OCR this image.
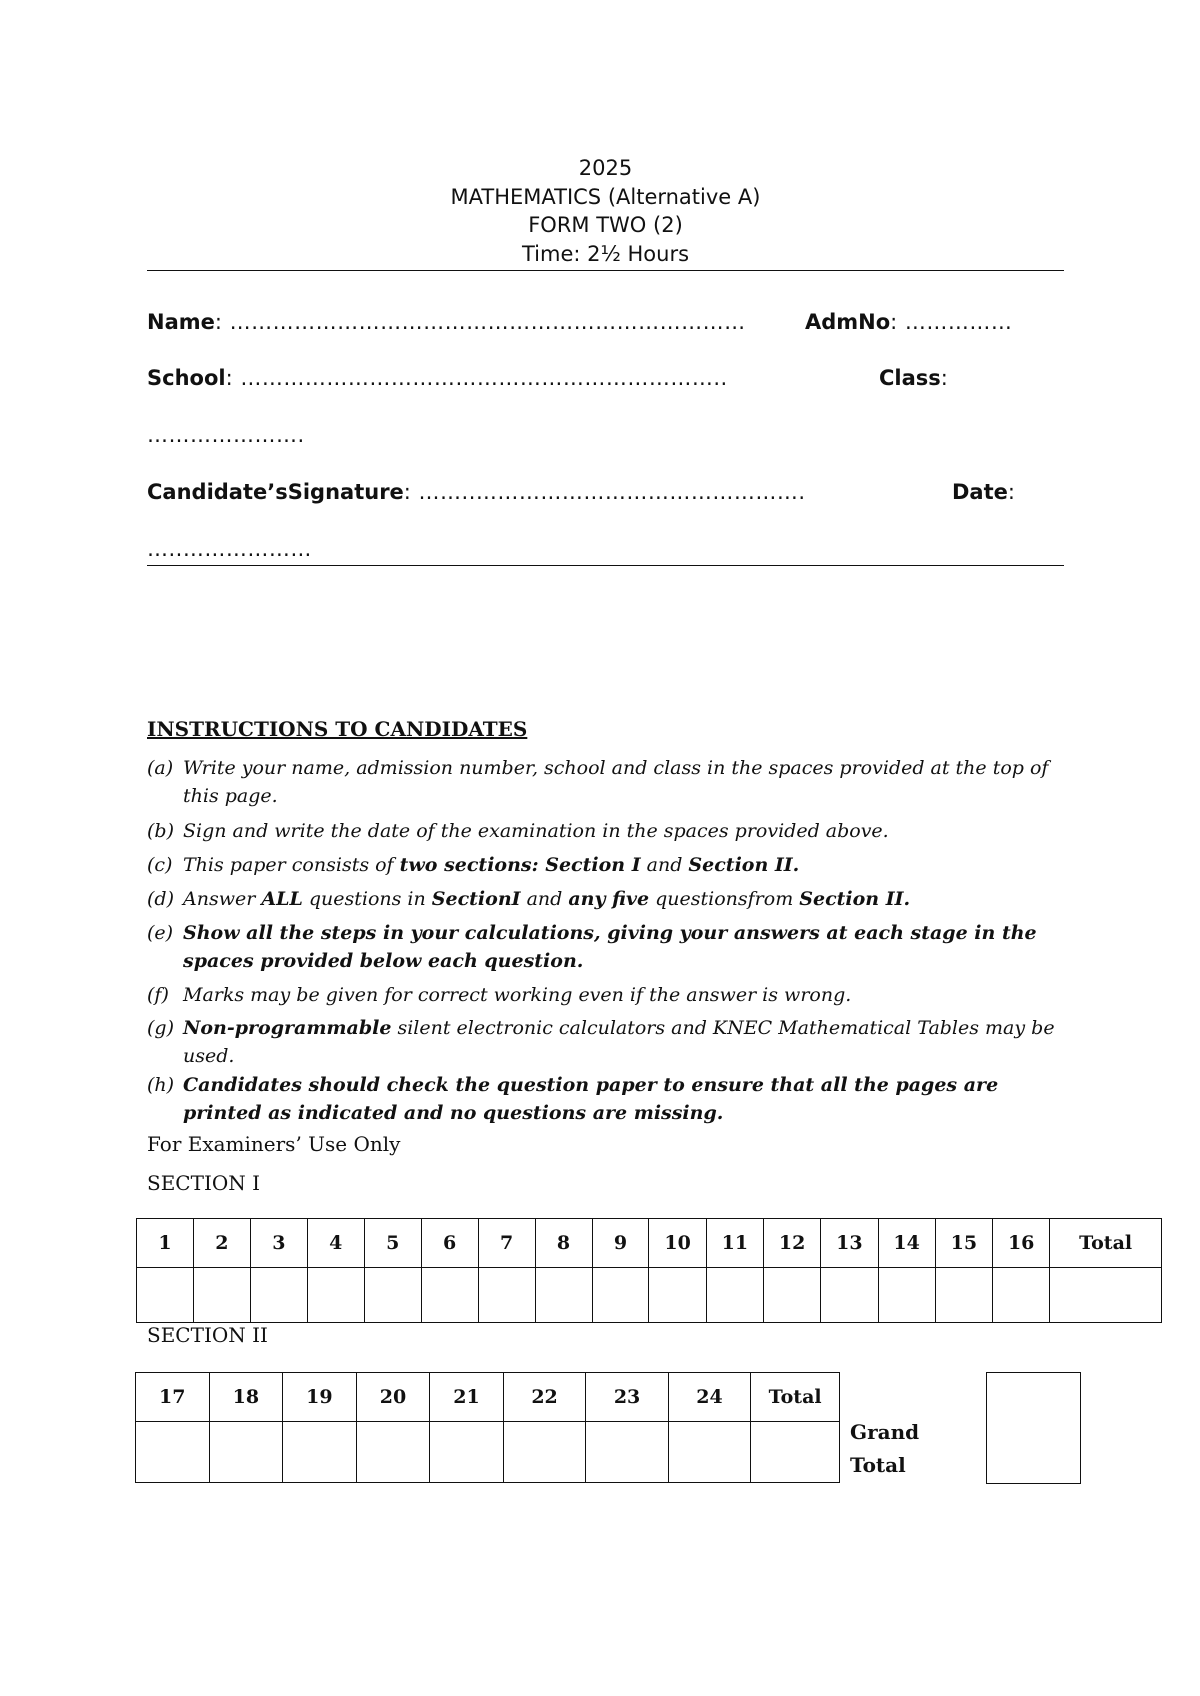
2025
MATHEMATICS (Alternative A)
FORM TWO (2)
Time: 2½ Hours
Name: ………………………………………………………………	AdmNo: ……………
School: …………………………………………………………..	Class:
………………….
Candidate’sSignature: ……..……………………………………….	Date:
…..………………
INSTRUCTIONS TO CANDIDATES
(a) Write your name, admission number, school and class in the spaces provided at the top of this page.
(b) Sign and write the date of the examination in the spaces provided above.
(c) This paper consists of two sections: Section I and Section II.
(d) Answer ALL questions in SectionI and any five questionsfrom Section II.
(e) Show all the steps in your calculations, giving your answers at each stage in the spaces provided below each question.
(f) Marks may be given for correct working even if the answer is wrong.
(g) Non-programmable silent electronic calculators and KNEC Mathematical Tables may be used.
(h) Candidates should check the question paper to ensure that all the pages are printed as indicated and no questions are missing.
For Examiners’ Use Only
SECTION I
1	2	3	4	5	6	7	8	9	10	11	12	13	14	15	16	Total

SECTION II
17	18	19	20	21	22	23	24	Total

Grand
Total
